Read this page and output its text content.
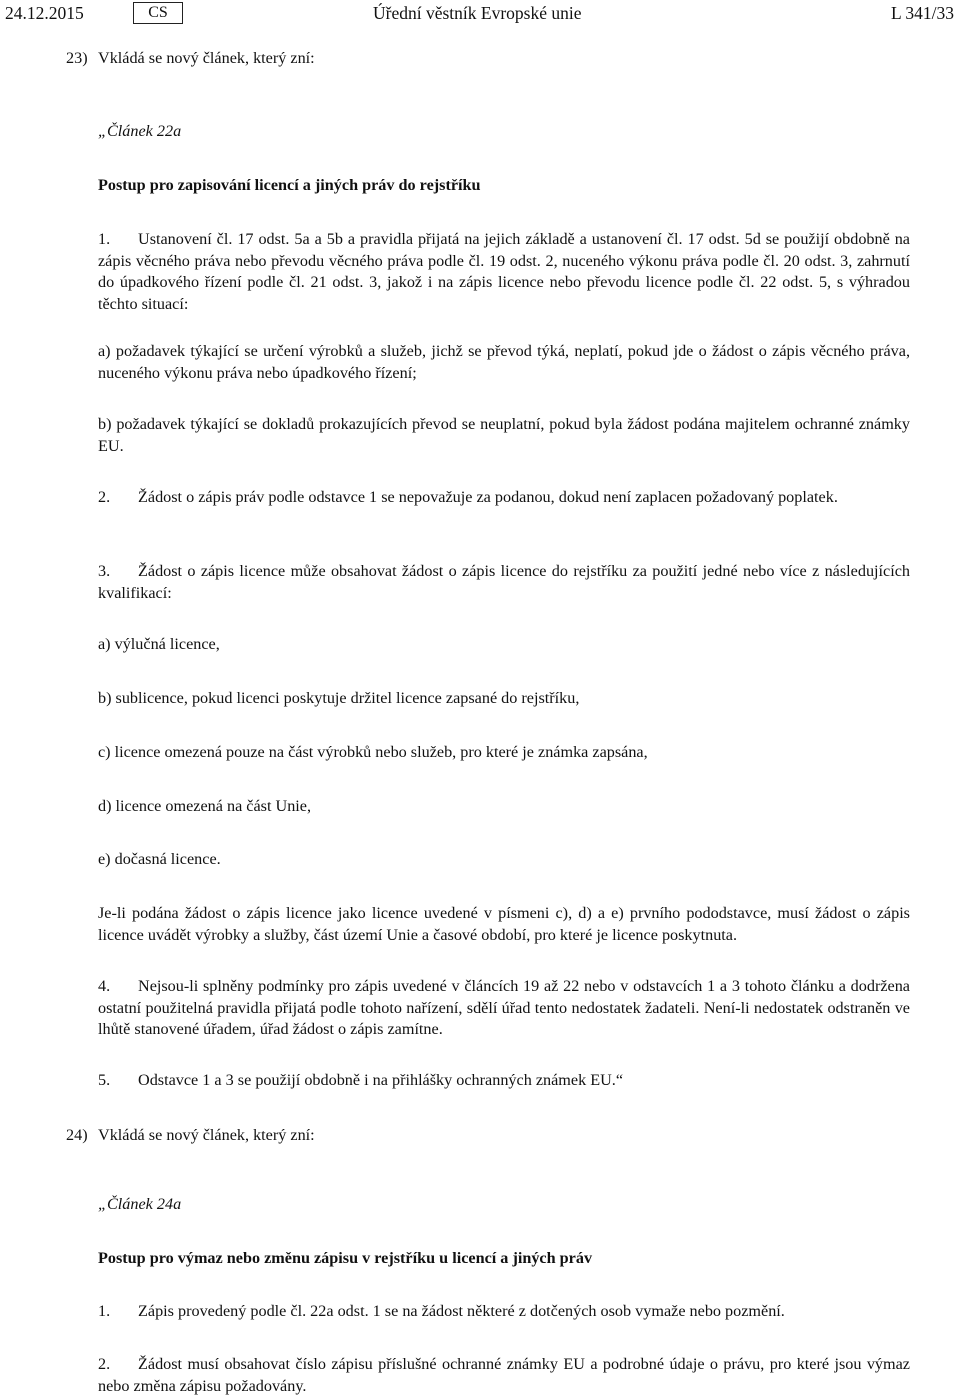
24.12.2015	CS	Úřední věstník Evropské unie	L 341/33
23) Vkládá se nový článek, který zní:
„Článek 22a
Postup pro zapisování licencí a jiných práv do rejstříku
1. Ustanovení čl. 17 odst. 5a a 5b a pravidla přijatá na jejich základě a ustanovení čl. 17 odst. 5d se použijí obdobně na zápis věcného práva nebo převodu věcného práva podle čl. 19 odst. 2, nuceného výkonu práva podle čl. 20 odst. 3, zahrnutí do úpadkového řízení podle čl. 21 odst. 3, jakož i na zápis licence nebo převodu licence podle čl. 22 odst. 5, s výhradou těchto situací:
a) požadavek týkající se určení výrobků a služeb, jichž se převod týká, neplatí, pokud jde o žádost o zápis věcného práva, nuceného výkonu práva nebo úpadkového řízení;
b) požadavek týkající se dokladů prokazujících převod se neuplatní, pokud byla žádost podána majitelem ochranné známky EU.
2. Žádost o zápis práv podle odstavce 1 se nepovažuje za podanou, dokud není zaplacen požadovaný poplatek.
3. Žádost o zápis licence může obsahovat žádost o zápis licence do rejstříku za použití jedné nebo více z následujících kvalifikací:
a) výlučná licence,
b) sublicence, pokud licenci poskytuje držitel licence zapsané do rejstříku,
c) licence omezená pouze na část výrobků nebo služeb, pro které je známka zapsána,
d) licence omezená na část Unie,
e) dočasná licence.
Je-li podána žádost o zápis licence jako licence uvedené v písmeni c), d) a e) prvního pododstavce, musí žádost o zápis licence uvádět výrobky a služby, část území Unie a časové období, pro které je licence poskytnuta.
4. Nejsou-li splněny podmínky pro zápis uvedené v článcích 19 až 22 nebo v odstavcích 1 a 3 tohoto článku a dodržena ostatní použitelná pravidla přijatá podle tohoto nařízení, sdělí úřad tento nedostatek žadateli. Není-li nedostatek odstraněn ve lhůtě stanovené úřadem, úřad žádost o zápis zamítne.
5. Odstavce 1 a 3 se použijí obdobně i na přihlášky ochranných známek EU.“
24) Vkládá se nový článek, který zní:
„Článek 24a
Postup pro výmaz nebo změnu zápisu v rejstříku u licencí a jiných práv
1. Zápis provedený podle čl. 22a odst. 1 se na žádost některé z dotčených osob vymaže nebo pozmění.
2. Žádost musí obsahovat číslo zápisu příslušné ochranné známky EU a podrobné údaje o právu, pro které jsou výmaz nebo změna zápisu požadovány.
